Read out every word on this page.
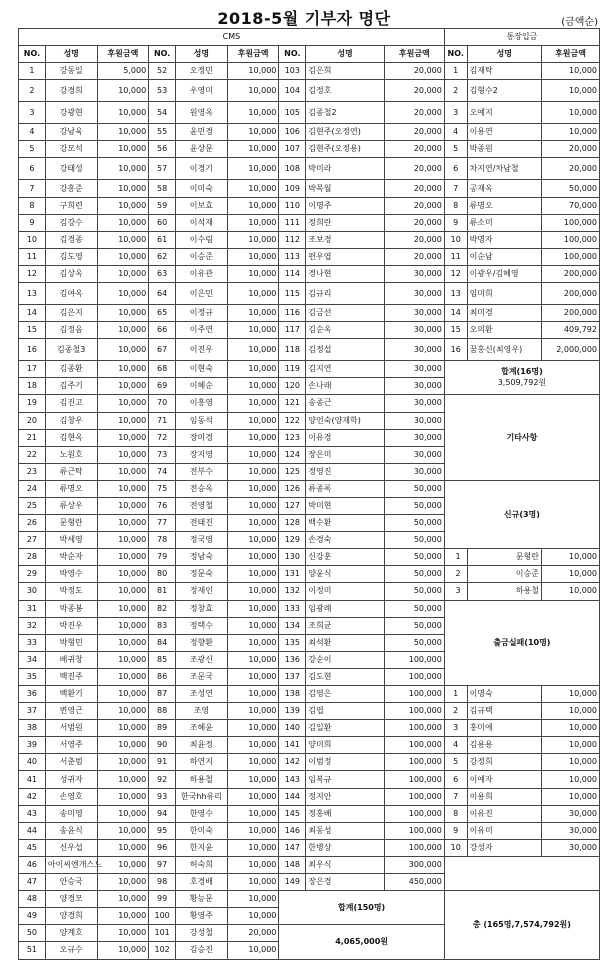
2018-5월 기부자 명단	(금액순)
CMS									통장입금		
NO.	성명	후원금액	NO.	성명	후원금액	NO.	성명	후원금액	NO.	성명	후원금액
1	강동일	5,000	52	오정민	10,000	103	김은희	20,000	1	김재탁	10,000
2	강경희	10,000	53	우영미	10,000	104	김정호	20,000	2	김형수2	10,000
3	강광현	10,000	54	원영옥	10,000	105	김종철2	20,000	3	오예지	10,000
4	강남욱	10,000	55	윤민경	10,000	106	김현주(오정연)	20,000	4	이용연	10,000
5	강모석	10,000	56	윤상문	10,000	107	김현주(오정용)	20,000	5	박종원	20,000
6	강태성	10,000	57	이경기	10,000	108	박미라	20,000	6	차지연/차남철	20,000
7	강흥준	10,000	58	이미숙	10,000	109	박목월	20,000	7	공재옥	50,000
8	구희련	10,000	59	이보효	10,000	110	이명주	20,000	8	류명오	70,000
9	김강수	10,000	60	이석재	10,000	111	정희란	20,000	9	류소미	100,000
10	김경종	10,000	61	이수림	10,000	112	조보경	20,000	10	박명자	100,000
11	김도영	10,000	62	이승준	10,000	113	편우엽	20,000	11	이순남	100,000
12	김상옥	10,000	63	이유관	10,000	114	경나현	30,000	12	이광우/김혜영	200,000
13	김여옥	10,000	64	이은민	10,000	115	김규리	30,000	13	임미희	200,000
14	김은지	10,000	65	이정규	10,000	116	김금선	30,000	14	최미경	200,000
15	김정음	10,000	66	이주연	10,000	117	김순옥	30,000	15	오의환	409,792
16	김종철3	10,000	67	이진우	10,000	118	김정섭	30,000	16	꿈홍신(최영우)	2,000,000
17	김종환	10,000	68	이현숙	10,000	119	김지연	30,000	합계(16명)
3,509,792원		

18	김주기	10,000	69	이혜순	10,000	120	손나래	30,000			
19	김진고	10,000	70	이흥영	10,000	121	송종근	30,000	기타사항		
20	김창우	10,000	71	임동석	10,000	122	양언숙(양재학)	30,000			
21	김현옥	10,000	72	장미경	10,000	123	이유경	30,000			
22	노원호	10,000	73	장지영	10,000	124	장은미	30,000			
23	류근탁	10,000	74	전부수	10,000	125	정영진	30,000			
24	류명오	10,000	75	전승옥	10,000	126	류종록	50,000	신규(3명)		
25	류상우	10,000	76	전영철	10,000	127	박미현	50,000			
26	문형란	10,000	77	전태진	10,000	128	백수환	50,000			
27	박세영	10,000	78	정국영	10,000	129	손경숙	50,000			
28	박순자	10,000	79	정남숙	10,000	130	신강훈	50,000	1	문형란	10,000
29	박영수	10,000	80	정문숙	10,000	131	양윤식	50,000	2	이승준	10,000
30	박정도	10,000	81	정재인	10,000	132	이정미	50,000	3	하용철	10,000
31	박종봉	10,000	82	정창효	10,000	133	임광례	50,000	출금실패(10명)		
32	박진우	10,000	83	정택수	10,000	134	조희균	50,000			
33	박형민	10,000	84	정향환	10,000	135	최석환	50,000			
34	배귀창	10,000	85	조광신	10,000	136	강순이	100,000			
35	백진주	10,000	86	조문국	10,000	137	김도현	100,000			
36	백환기	10,000	87	조성연	10,000	138	김영은	100,000	1	이명숙	10,000
37	변영근	10,000	88	조영	10,000	139	김엽	100,000	2	김규택	10,000
38	서범원	10,000	89	조혜윤	10,000	140	김일환	100,000	3	홍미애	10,000
39	서영주	10,000	90	최윤정	10,000	141	양미희	100,000	4	김용용	10,000
40	서춘범	10,000	91	하연지	10,000	142	이범정	100,000	5	강정희	10,000
41	성귀자	10,000	92	하용철	10,000	143	임복규	100,000	6	이예자	10,000
42	손영호	10,000	93	한국hh유리	10,000	144	정지안	100,000	7	이용희	10,000
43	송미영	10,000	94	한영수	10,000	145	정홍배	100,000	8	이유진	30,000
44	송윤식	10,000	95	한미숙	10,000	146	최동성	100,000	9	이유미	30,000
45	신우섭	10,000	96	한지윤	10,000	147	한병상	100,000	10	강성자	30,000
46	아이씨엔개스느	10,000	97	허숙희	10,000	148	최우식	300,000			
47	안승국	10,000	98	호경배	10,000	149	장은경	450,000			
48	양경모	10,000	99	황능문	10,000	합계(150명)			총 (165명,7,574,792원)		
49	양경희	10,000	100	황영주	10,000						
50	양계호	10,000	101	강성철	20,000	4,065,000원					
51	오규수	10,000	102	김승진	10,000						
